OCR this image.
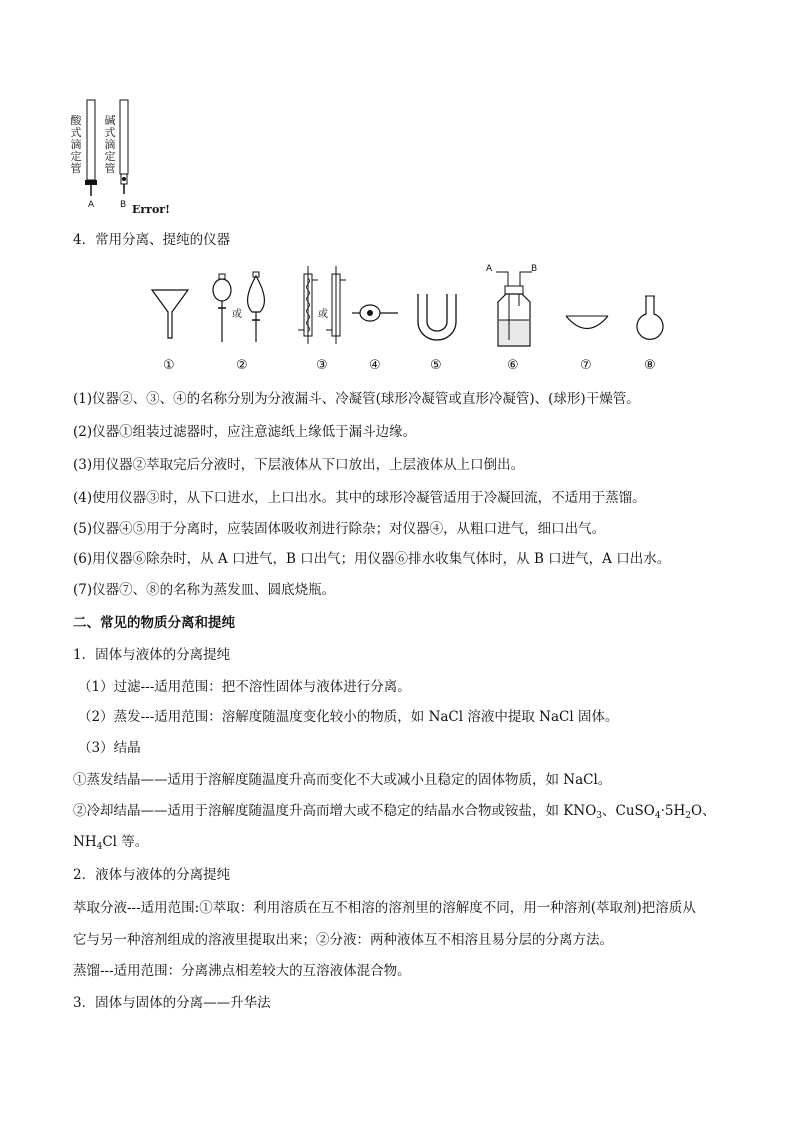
酸式滴定管
碱式滴定管
A	B Error!
4．常用分离、提纯的仪器
或	或
A	B
①	②	③	④	⑤	⑥	⑦	⑧
(1)仪器②、③、④的名称分别为分液漏斗、冷凝管(球形冷凝管或直形冷凝管)、(球形)干燥管。
(2)仪器①组装过滤器时，应注意滤纸上缘低于漏斗边缘。
(3)用仪器②萃取完后分液时，下层液体从下口放出，上层液体从上口倒出。
(4)使用仪器③时，从下口进水，上口出水。其中的球形冷凝管适用于冷凝回流，不适用于蒸馏。
(5)仪器④⑤用于分离时，应装固体吸收剂进行除杂；对仪器④，从粗口进气，细口出气。
(6)用仪器⑥除杂时，从 A 口进气，B 口出气；用仪器⑥排水收集气体时，从 B 口进气，A 口出水。
(7)仪器⑦、⑧的名称为蒸发皿、圆底烧瓶。
二、常见的物质分离和提纯
1．固体与液体的分离提纯
（1）过滤---适用范围：把不溶性固体与液体进行分离。
（2）蒸发---适用范围：溶解度随温度变化较小的物质，如 NaCl 溶液中提取 NaCl 固体。
（3）结晶
①蒸发结晶——适用于溶解度随温度升高而变化不大或减小且稳定的固体物质，如 NaCl。
②冷却结晶——适用于溶解度随温度升高而增大或不稳定的结晶水合物或铵盐，如 $KNO_3$、$CuSO_4\cdot 5H_2O$、
$NH_4Cl$ 等。
2．液体与液体的分离提纯
萃取分液---适用范围:①萃取：利用溶质在互不相溶的溶剂里的溶解度不同，用一种溶剂(萃取剂)把溶质从
它与另一种溶剂组成的溶液里提取出来；②分液：两种液体互不相溶且易分层的分离方法。
蒸馏---适用范围：分离沸点相差较大的互溶液体混合物。
3．固体与固体的分离——升华法
